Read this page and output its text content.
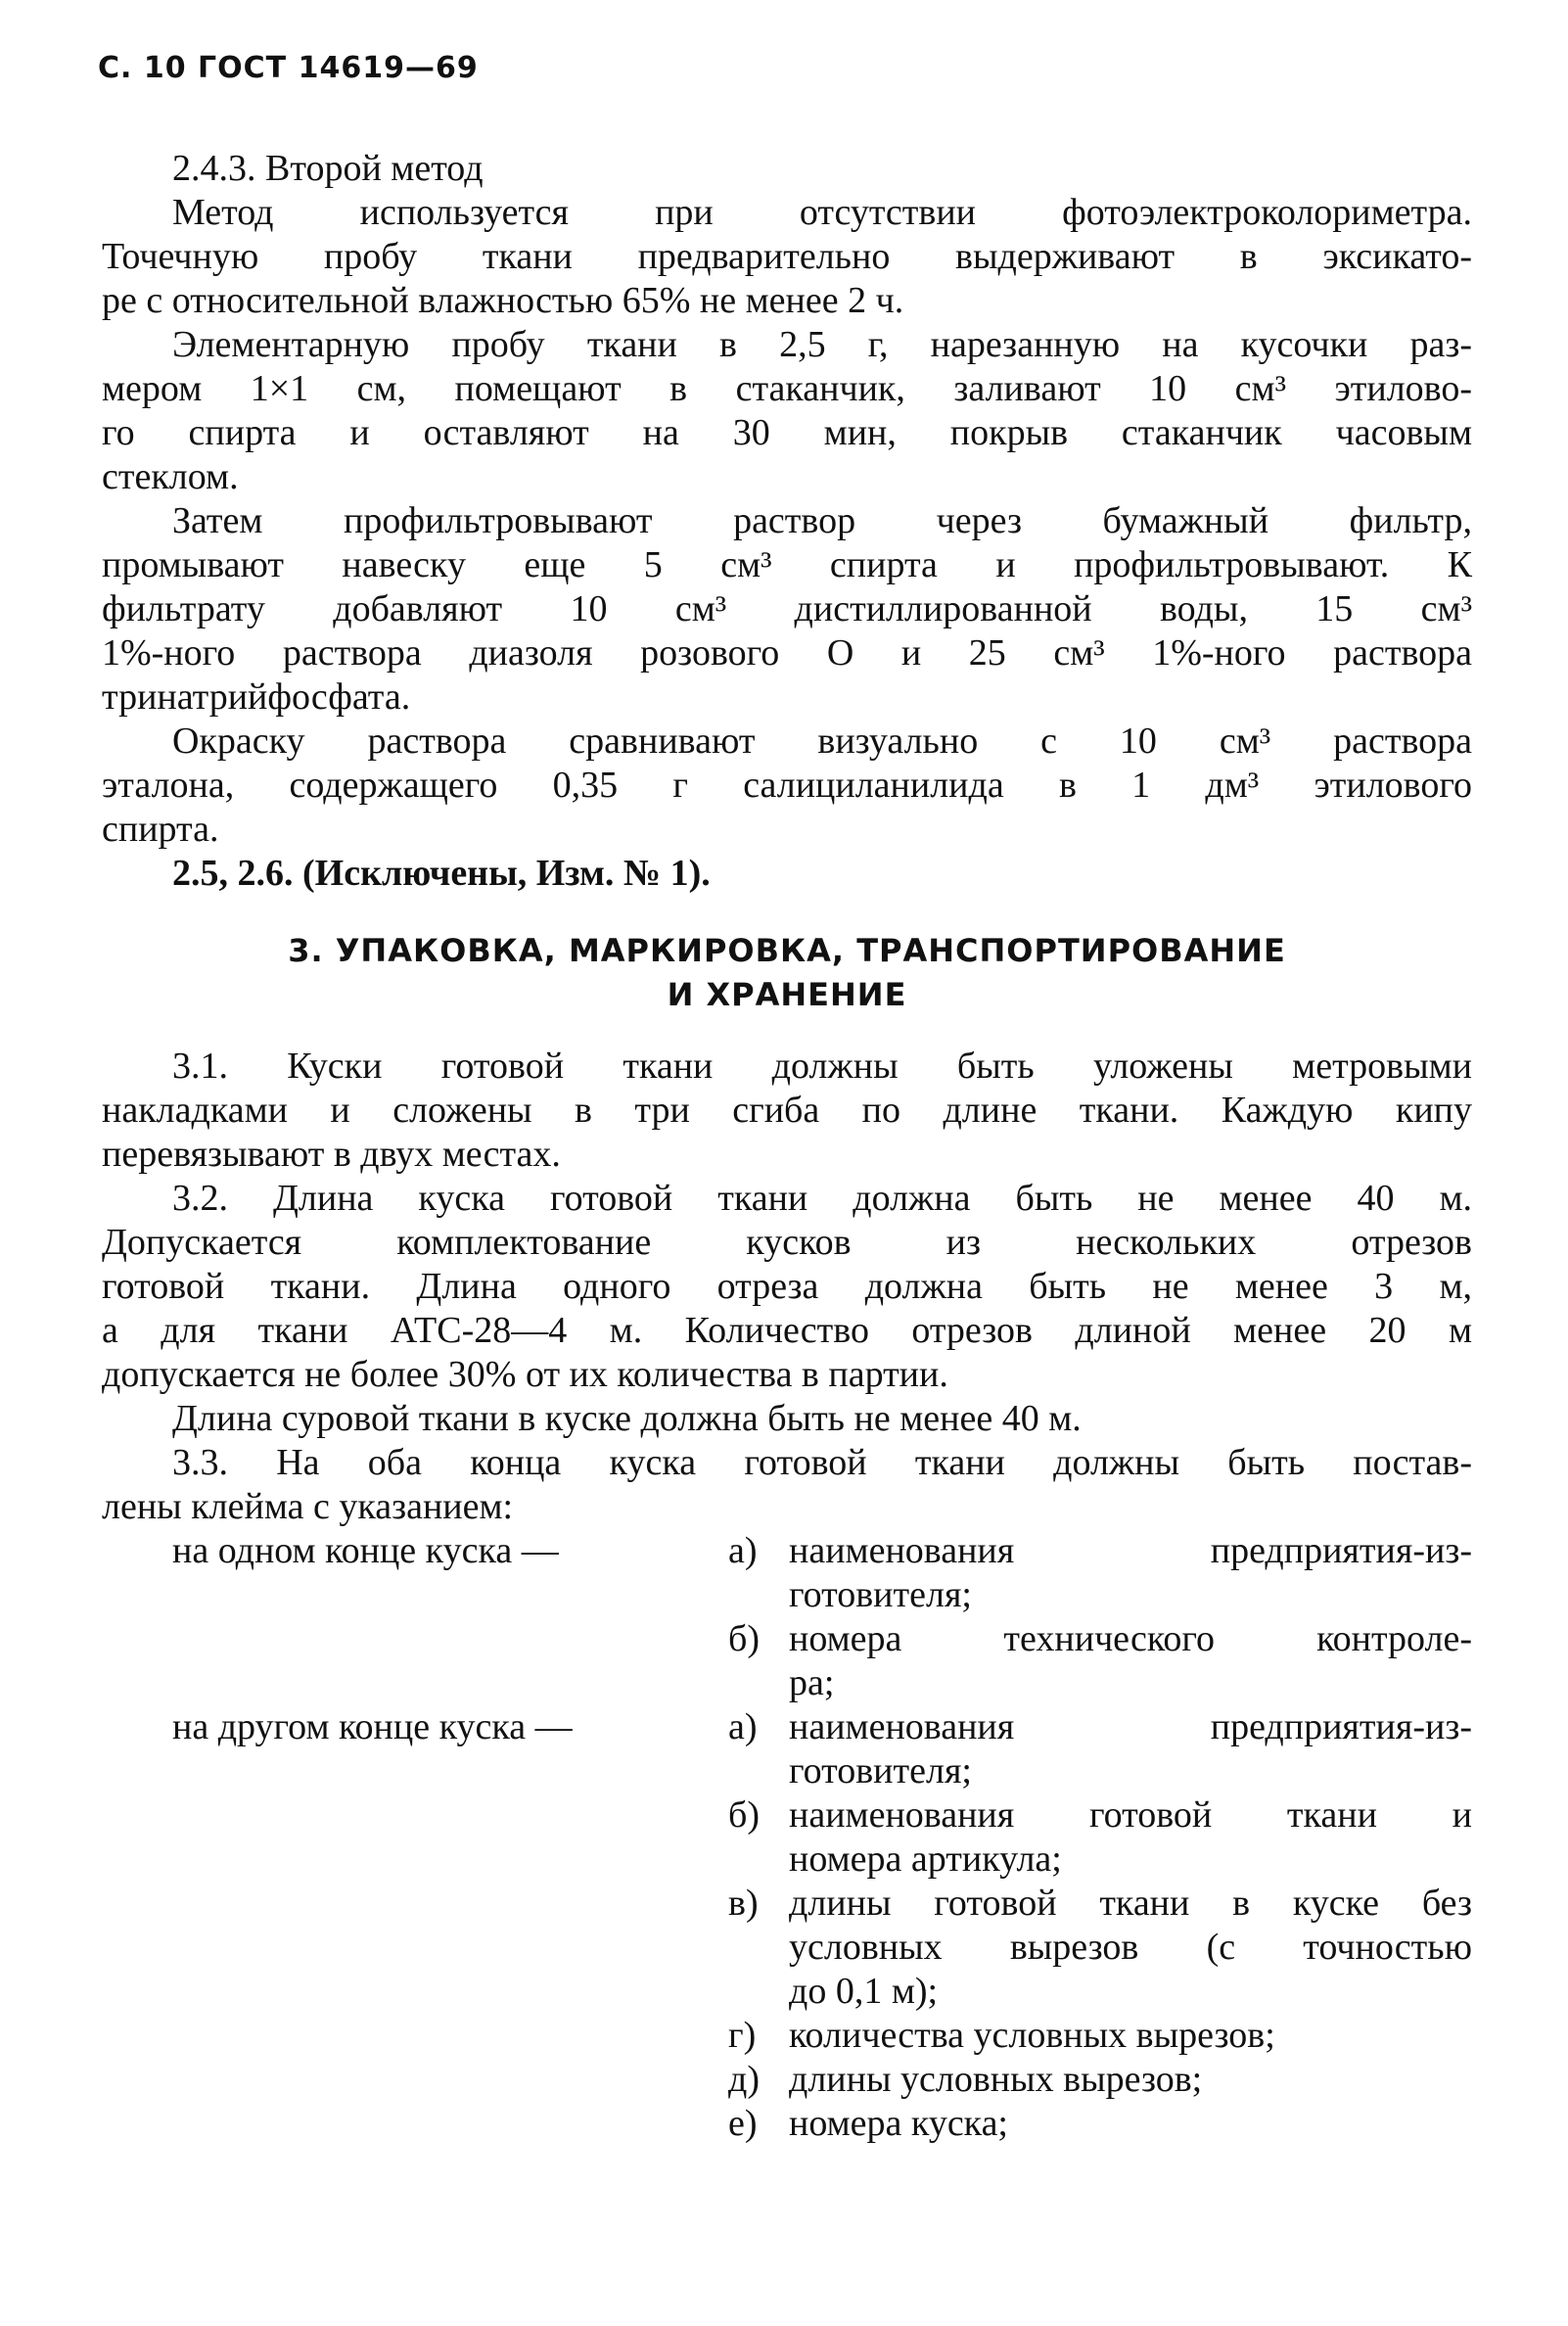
С. 10 ГОСТ 14619—69
2.4.3. Второй метод
Метод используется при отсутствии фотоэлектроколориметра.
Точечную пробу ткани предварительно выдерживают в эксикато-
ре с относительной влажностью 65% не менее 2 ч.
Элементарную пробу ткани в 2,5 г, нарезанную на кусочки раз-
мером 1×1 см, помещают в стаканчик, заливают 10 см³ этилово-
го спирта и оставляют на 30 мин, покрыв стаканчик часовым
стеклом.
Затем профильтровывают раствор через бумажный фильтр,
промывают навеску еще 5 см³ спирта и профильтровывают. К
фильтрату добавляют 10 см³ дистиллированной воды, 15 см³
1%-ного раствора диазоля розового О и 25 см³ 1%-ного раствора
тринатрийфосфата.
Окраску раствора сравнивают визуально с 10 см³ раствора
эталона, содержащего 0,35 г салициланилида в 1 дм³ этилового
спирта.
2.5, 2.6. (Исключены, Изм. № 1).
3. УПАКОВКА, МАРКИРОВКА, ТРАНСПОРТИРОВАНИЕ
И ХРАНЕНИЕ
3.1. Куски готовой ткани должны быть уложены метровыми
накладками и сложены в три сгиба по длине ткани. Каждую кипу
перевязывают в двух местах.
3.2. Длина куска готовой ткани должна быть не менее 40 м.
Допускается комплектование кусков из нескольких отрезов
готовой ткани. Длина одного отреза должна быть не менее 3 м,
а для ткани АТС-28—4 м. Количество отрезов длиной менее 20 м
допускается не более 30% от их количества в партии.
Длина суровой ткани в куске должна быть не менее 40 м.
3.3. На оба конца куска готовой ткани должны быть постав-
лены клейма с указанием:
на одном конце куска —	а) наименования предприятия-из-
готовителя;
б) номера технического контроле-
ра;
на другом конце куска —	а) наименования предприятия-из-
готовителя;
б) наименования готовой ткани и
номера артикула;
в) длины готовой ткани в куске без
условных вырезов (с точностью
до 0,1 м);
г) количества условных вырезов;
д) длины условных вырезов;
е) номера куска;
